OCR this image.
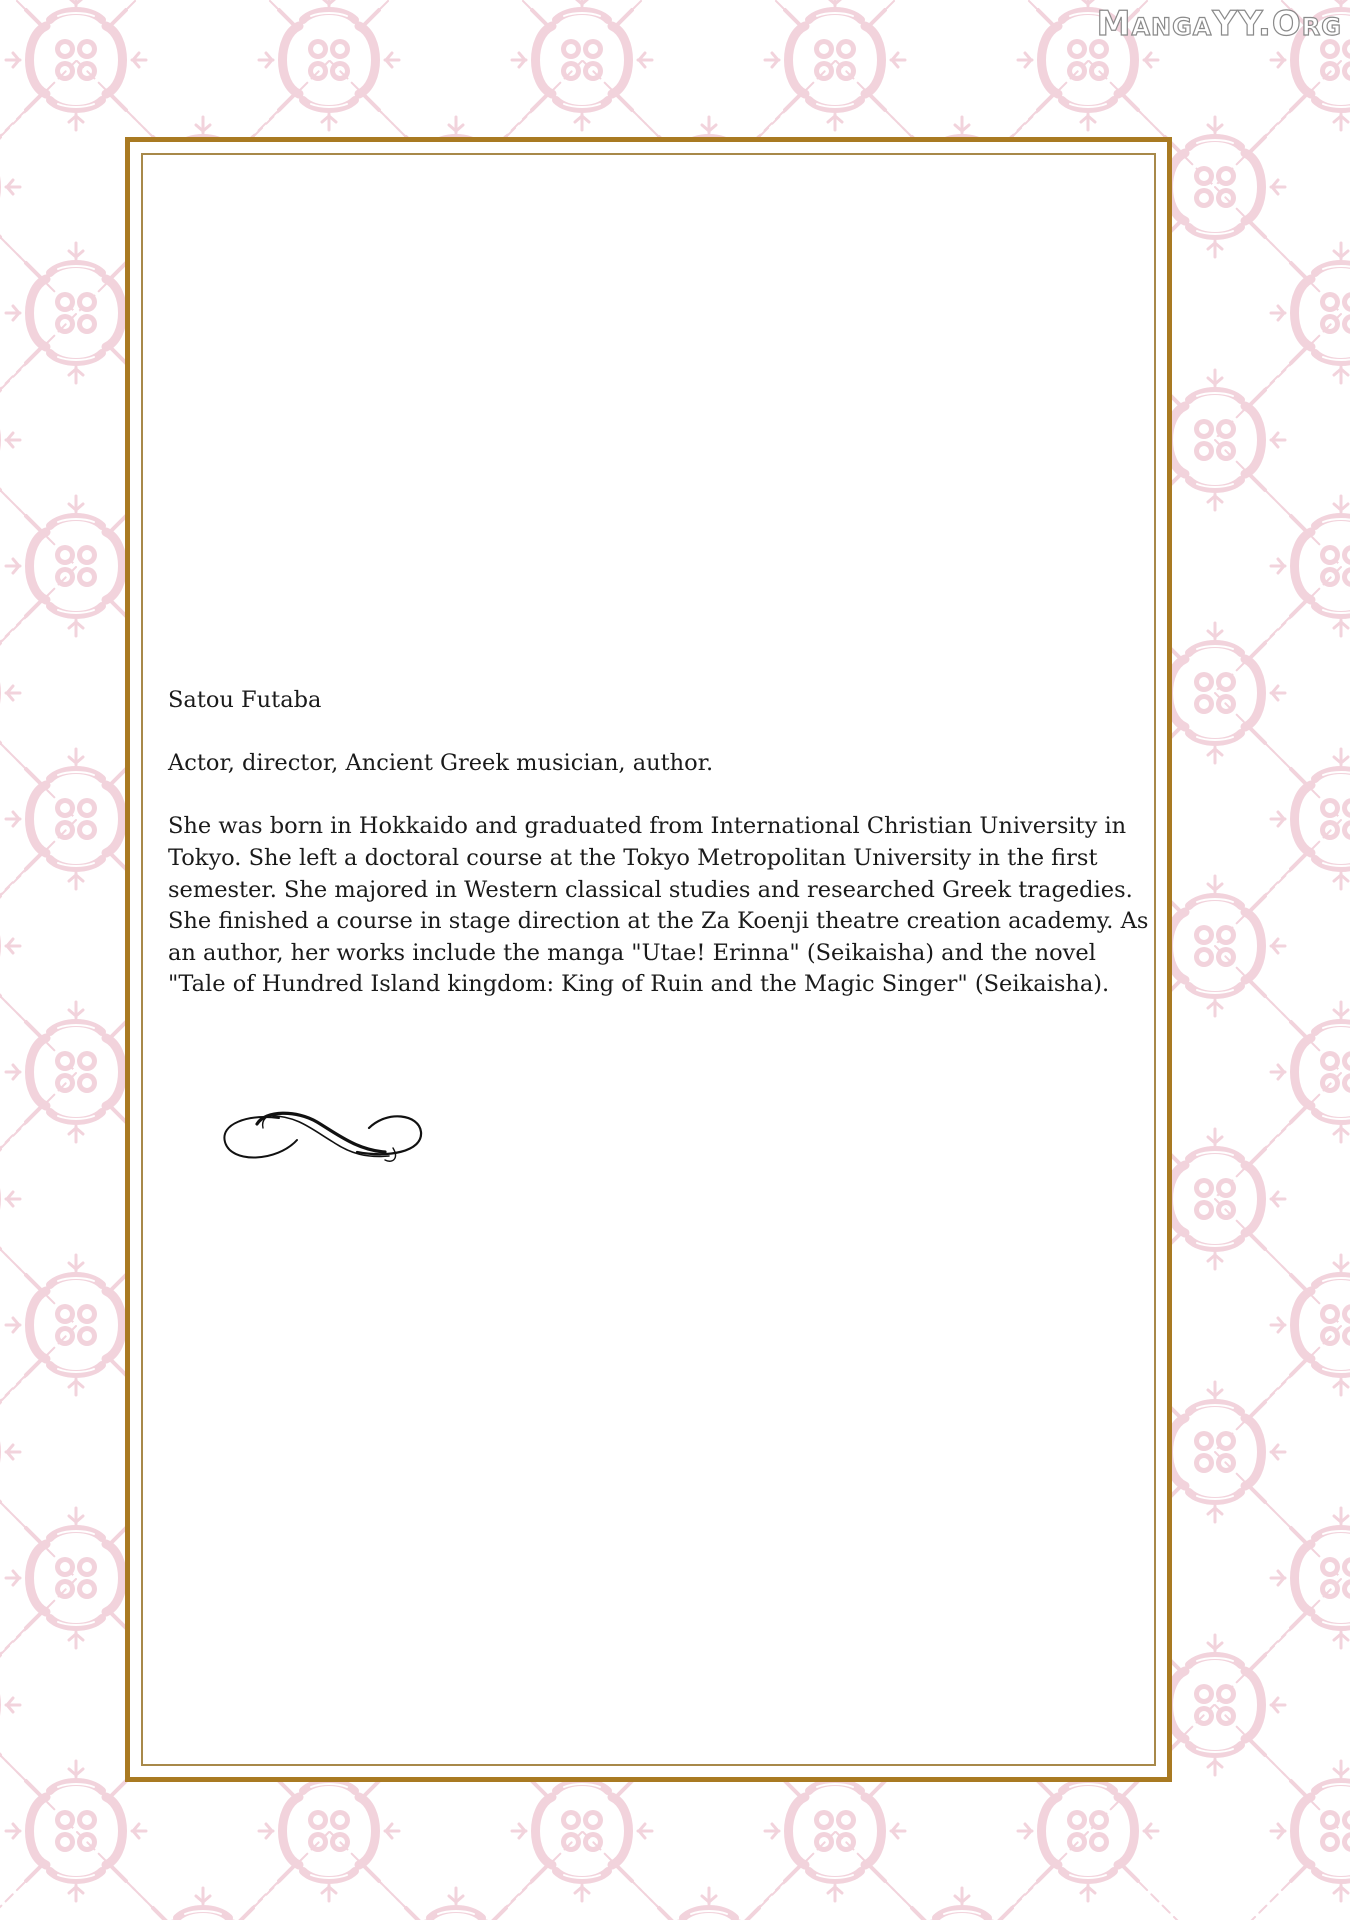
MangaYY.Org

Satou Futaba

Actor, director, Ancient Greek musician, author.

She was born in Hokkaido and graduated from International Christian University in Tokyo. She left a doctoral course at the Tokyo Metropolitan University in the first semester. She majored in Western classical studies and researched Greek tragedies. She finished a course in stage direction at the Za Koenji theatre creation academy. As an author, her works include the manga "Utae! Erinna" (Seikaisha) and the novel "Tale of Hundred Island kingdom: King of Ruin and the Magic Singer" (Seikaisha).
